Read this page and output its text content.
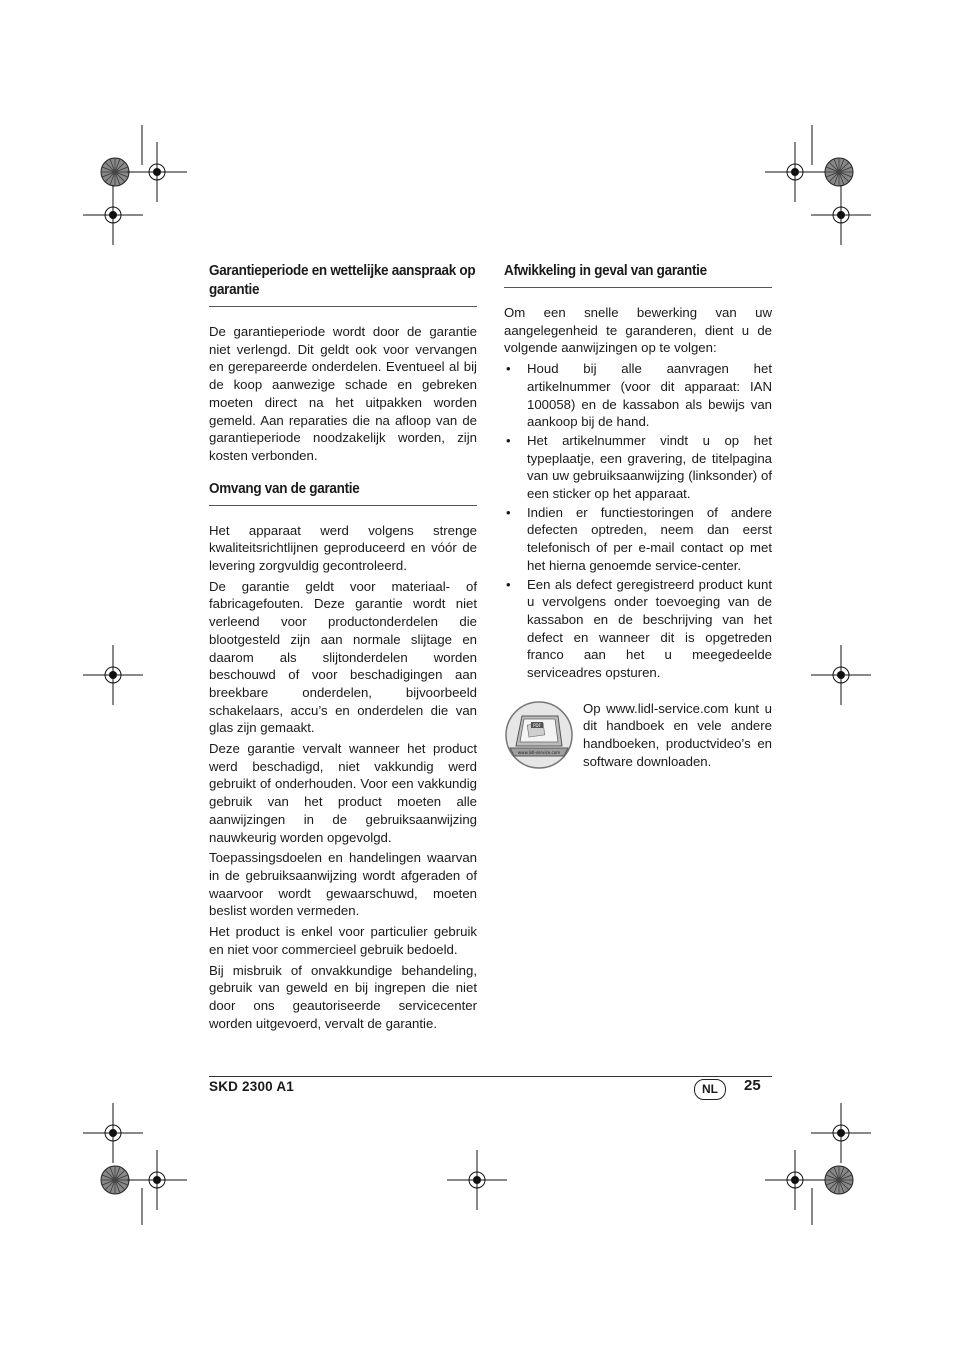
Garantieperiode en wettelijke aanspraak op garantie

De garantieperiode wordt door de garantie niet verlengd. Dit geldt ook voor vervangen en gerepareerde onderdelen. Eventueel al bij de koop aanwezige schade en gebreken moeten direct na het uitpakken worden gemeld. Aan reparaties die na afloop van de garantieperiode noodzakelijk worden, zijn kosten verbonden.

Omvang van de garantie

Het apparaat werd volgens strenge kwaliteitsrichtlijnen geproduceerd en vóór de levering zorgvuldig gecontroleerd.

De garantie geldt voor materiaal- of fabricagefouten. Deze garantie wordt niet verleend voor productonderdelen die blootgesteld zijn aan normale slijtage en daarom als slijtonderdelen worden beschouwd of voor beschadigingen aan breekbare onderdelen, bijvoorbeeld schakelaars, accu’s en onderdelen die van glas zijn gemaakt.

Deze garantie vervalt wanneer het product werd beschadigd, niet vakkundig werd gebruikt of onderhouden. Voor een vakkundig gebruik van het product moeten alle aanwijzingen in de gebruiksaanwijzing nauwkeurig worden opgevolgd.

Toepassingsdoelen en handelingen waarvan in de gebruiksaanwijzing wordt afgeraden of waarvoor wordt gewaarschuwd, moeten beslist worden vermeden.

Het product is enkel voor particulier gebruik en niet voor commercieel gebruik bedoeld.

Bij misbruik of onvakkundige behandeling, gebruik van geweld en bij ingrepen die niet door ons geautoriseerde servicecenter worden uitgevoerd, vervalt de garantie.

Afwikkeling in geval van garantie

Om een snelle bewerking van uw aangelegenheid te garanderen, dient u de volgende aanwijzingen op te volgen:

• Houd bij alle aanvragen het artikelnummer (voor dit apparaat: IAN 100058) en de kassabon als bewijs van aankoop bij de hand.
• Het artikelnummer vindt u op het typeplaatje, een gravering, de titelpagina van uw gebruiksaanwijzing (linksonder) of een sticker op het apparaat.
• Indien er functiestoringen of andere defecten optreden, neem dan eerst telefonisch of per e-mail contact op met het hierna genoemde service-center.
• Een als defect geregistreerd product kunt u vervolgens onder toevoeging van de kassabon en de beschrijving van het defect en wanneer dit is opgetreden franco aan het u meegedeelde serviceadres opsturen.
PDF
www.lidl-service.com

Op www.lidl-service.com kunt u dit handboek en vele andere handboeken, productvideo’s en software downloaden.

SKD 2300 A1	NL	25
